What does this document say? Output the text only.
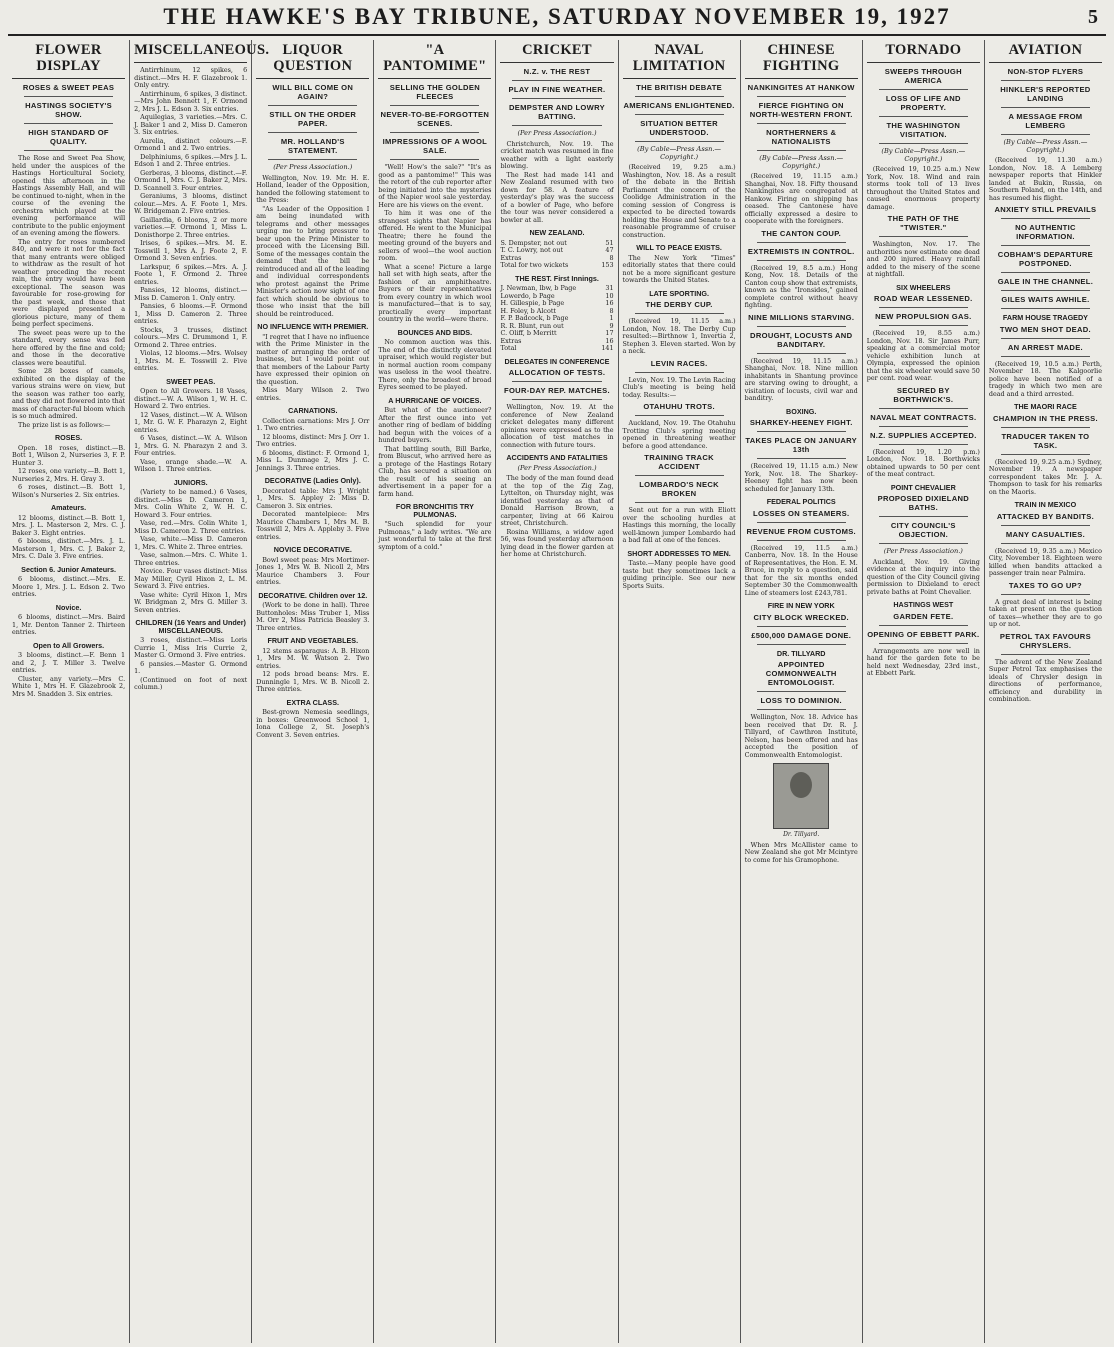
THE HAWKE'S BAY TRIBUNE, SATURDAY NOVEMBER 19, 1927	5
FLOWER DISPLAY
ROSES & SWEET PEAS
HASTINGS SOCIETY'S SHOW.
HIGH STANDARD OF QUALITY.

The Rose and Sweet Pea Show, held under the auspices of the Hastings Horticultural Society, opened this afternoon in the Hastings Assembly Hall, and will be continued to-night, when in the course of the evening the orchestra which played at the evening performance will contribute to the public enjoyment of an evening among the flowers.

The entry for roses numbered 840, and were it not for the fact that many entrants were obliged to withdraw as the result of hot weather preceding the recent rain, the entry would have been exceptional. The season was favourable for rose-growing for the past week, and those that were displayed presented a glorious picture, many of them being perfect specimens.

The sweet peas were up to the standard, every sense was fed here offered by the fine and cold; and those in the decorative classes were beautiful.

Some 28 boxes of camels, exhibited on the display of the various strains were on view, but the season was rather too early, and they did not flowered into that mass of character-ful bloom which is so much admired.

The prize list is as follows:—

ROSES.

Open. 18 roses, distinct.—B. Bott 1, Wilson 2, Nurseries 3, F. P. Hunter 3.

12 roses, one variety.—B. Bott 1, Nurseries 2, Mrs. H. Gray 3.

6 roses, distinct.—B. Bott 1, Wilson's Nurseries 2. Six entries.

Amateurs.

12 blooms, distinct.—B. Bott 1, Mrs. J. L. Masterson 2, Mrs. C. J. Baker 3. Eight entries.

6 blooms, distinct.—Mrs. J. L. Masterson 1, Mrs. C. J. Baker 2, Mrs. C. Dale 3. Five entries.

Section 6. Junior Amateurs.

6 blooms, distinct.—Mrs. E. Moore 1, Mrs. J. L. Edson 2. Two entries.

Novice.

6 blooms, distinct.—Mrs. Baird 1, Mr. Denton Tanner 2. Thirteen entries.

Open to All Growers.

3 blooms, distinct.—F. Benn 1 and 2, J. T. Miller 3. Twelve entries.

Cluster, any variety.—Mrs C. White 1, Mrs H. F. Glazebrook 2, Mrs M. Snadden 3. Six entries.

MISCELLANEOUS.

Antirrhinum, 12 spikes, 6 distinct.—Mrs H. F. Glazebrook 1. Only entry.

Antirrhinum, 6 spikes, 3 distinct.—Mrs John Bennett 1, F. Ormond 2, Mrs J. L. Edson 3. Six entries.

Aquilegias, 3 varieties.—Mrs. C. J. Baker 1 and 2, Miss D. Cameron 3. Six entries.

Aurelia, distinct colours.—F. Ormond 1 and 2. Two entries.

Delphiniums, 6 spikes.—Mrs J. L. Edson 1 and 2. Three entries.

Gerberas, 3 blooms, distinct.—F. Ormond 1, Mrs. C. J. Baker 2, Mrs. D. Scannell 3. Four entries.

Geraniums, 3 blooms, distinct colour.—Mrs. A. F. Foote 1, Mrs. W. Bridgeman 2. Five entries.

Gaillardia, 6 blooms, 2 or more varieties.—F. Ormond 1, Miss L. Donisthorpe 2. Three entries.

Irises, 6 spikes.—Mrs. M. E. Tosswill 1, Mrs A. J. Foote 2, F. Ormond 3. Seven entries.

Larkspur, 6 spikes.—Mrs. A. J. Foote 1, F. Ormond 2. Three entries.

Pansies, 12 blooms, distinct.—Miss D. Cameron 1. Only entry.

Pansies, 6 blooms.—F. Ormond 1, Miss D. Cameron 2. Three entries.

Stocks, 3 trusses, distinct colours.—Mrs C. Drummond 1, F. Ormond 2. Three entries.

Violas, 12 blooms.—Mrs. Wolsey 1, Mrs. M. E. Tosswill 2. Five entries.

SWEET PEAS.

Open to All Growers. 18 Vases, distinct.—W. A. Wilson 1, W. H. C. Howard 2. Two entries.

12 Vases, distinct.—W. A. Wilson 1, Mr. G. W. F. Pharazyn 2, Eight entries.

6 Vases, distinct.—W. A. Wilson 1, Mrs. G. N. Pharazyn 2 and 3. Four entries.

Vase, orange shade.—W. A. Wilson 1. Three entries.

JUNIORS.

(Variety to be named.) 6 Vases, distinct.—Miss D. Cameron 1, Mrs. Colin White 2, W. H. C. Howard 3. Four entries.

Vase, red.—Mrs. Colin White 1, Miss D. Cameron 2. Three entries.

Vase, white.—Miss D. Cameron 1, Mrs. C. White 2. Three entries.

Vase, salmon.—Mrs. C. White 1. Three entries.

Novice. Four vases distinct: Miss May Miller, Cyril Hixon 2, L. M. Seward 3. Five entries.

Vase white: Cyril Hixon 1, Mrs W. Bridgman 2, Mrs G. Miller 3. Seven entries.

CHILDREN (16 Years and Under) MISCELLANEOUS.

3 roses, distinct.—Miss Loris Currie 1, Miss Iris Currie 2, Master G. Ormond 3. Five entries.

6 pansies.—Master G. Ormond 1.

(Continued on foot of next column.)

LIQUOR QUESTION
WILL BILL COME ON AGAIN?
STILL ON THE ORDER PAPER.
MR. HOLLAND'S STATEMENT.
(Per Press Association.)

Wellington, Nov. 19. Mr. H. E. Holland, leader of the Opposition, handed the following statement to the Press:

"As Leader of the Opposition I am being inundated with telegrams and other messages urging me to bring pressure to bear upon the Prime Minister to proceed with the Licensing Bill. Some of the messages contain the demand that the bill be reintroduced and all of the leading and individual correspondents who protest against the Prime Minister's action now sight of one fact which should be obvious to those who insist that the bill should be reintroduced.

NO INFLUENCE WITH PREMIER.

"I regret that I have no influence with the Prime Minister in the matter of arranging the order of business, but I would point out that members of the Labour Party have expressed their opinion on the question.

Miss Mary Wilson 2. Two entries.

CARNATIONS.

Collection carnations: Mrs J. Orr 1. Two entries.

12 blooms, distinct: Mrs J. Orr 1. Two entries.

6 blooms, distinct: F. Ormond 1, Miss L. Dunmage 2, Mrs J. C. Jennings 3. Three entries.

DECORATIVE (Ladies Only).

Decorated table: Mrs J. Wright 1, Mrs. S. Appley 2: Miss D. Cameron 3. Six entries.

Decorated mantelpiece: Mrs Maurice Chambers 1, Mrs M. B. Tosswill 2, Mrs A. Appleby 3. Five entries.

NOVICE DECORATIVE.

Bowl sweet peas: Mrs Mortimer-Jones 1, Mrs W. B. Nicoll 2, Mrs Maurice Chambers 3. Four entries.

DECORATIVE. Children over 12.

(Work to be done in hall). Three Buttonholes: Miss Truber 1, Miss M. Orr 2, Miss Patricia Beasley 3. Three entries.

FRUIT AND VEGETABLES.

12 stems asparagus: A. B. Hixon 1, Mrs M. W. Watson 2. Two entries.

12 pods broad beans: Mrs. E. Dunningle 1, Mrs. W. B. Nicoll 2. Three entries.

EXTRA CLASS.

Best-grown Nemesia seedlings, in boxes: Greenwood School 1, Iona College 2, St. Joseph's Convent 3. Seven entries.

"A PANTOMIME"
SELLING THE GOLDEN FLEECES
NEVER-TO-BE-FORGOTTEN SCENES.
IMPRESSIONS OF A WOOL SALE.

"Well! How's the sale?" "It's as good as a pantomime!" This was the retort of the cub reporter after being initiated into the mysteries of the Napier wool sale yesterday. Here are his views on the event.

To him it was one of the strangest sights that Napier has offered. He went to the Municipal Theatre; there he found the meeting ground of the buyers and sellers of wool—the wool auction room.

What a scene! Picture a large hall set with high seats, after the fashion of an amphitheatre. Buyers or their representatives from every country in which wool is manufactured—that is to say, practically every important country in the world—were there.

BOUNCES AND BIDS.

No common auction was this. The end of the distinctly elevated upraiser, which would register but in normal auction room company was useless in the wool theatre. There, only the broadest of broad Eyres seemed to be played.

A HURRICANE OF VOICES.

But what of the auctioneer? After the first ounce into yet another ring of bedlam of bidding had begun with the voices of a hundred buyers.

That battling south, Bill Barke, from Bluscut, who arrived here as a protege of the Hastings Rotary Club, has secured a situation on the result of his seeing an advertisement in a paper for a farm hand.

FOR BRONCHITIS TRY PULMONAS.

"Such splendid for your Pulmonas," a lady writes. "We are just wonderful to take at the first symptom of a cold."

CRICKET
N.Z. v. THE REST
PLAY IN FINE WEATHER.
DEMPSTER AND LOWRY BATTING.
(Per Press Association.)

Christchurch, Nov. 19. The cricket match was resumed in fine weather with a light easterly blowing.

The Rest had made 141 and New Zealand resumed with two down for 58. A feature of yesterday's play was the success of a bowler of Page, who before the tour was never considered a bowler at all.

NEW ZEALAND.
S. Dempster, not out	51
T. C. Lowry, not out	47
Extras	8
Total for two wickets	153
THE REST. First Innings.
J. Newman, lbw, b Page	31
Lowerdo, b Page	10
H. Gillespie, b Page	16
H. Foley, b Alcott	8
F. P. Badcock, b Page	1
R. R. Blunt, run out	9
C. Oliff, b Merritt	17
Extras	16
Total	141
DELEGATES IN CONFERENCE
ALLOCATION OF TESTS.
FOUR-DAY REP. MATCHES.

Wellington, Nov. 19. At the conference of New Zealand cricket delegates many different opinions were expressed as to the allocation of test matches in connection with future tours.

ACCIDENTS AND FATALITIES
(Per Press Association.)

The body of the man found dead at the top of the Zig Zag, Lyttelton, on Thursday night, was identified yesterday as that of Donald Harrison Brown, a carpenter, living at 66 Kairou street, Christchurch.

Rosina Williams, a widow aged 56, was found yesterday afternoon lying dead in the flower garden at her home at Christchurch.

NAVAL LIMITATION
THE BRITISH DEBATE
AMERICANS ENLIGHTENED.
SITUATION BETTER UNDERSTOOD.
(By Cable—Press Assn.—Copyright.)

(Received 19, 9.25 a.m.) Washington, Nov. 18. As a result of the debate in the British Parliament the concern of the Coolidge Administration in the coming session of Congress is expected to be directed towards holding the House and Senate to a reasonable programme of cruiser construction.

WILL TO PEACE EXISTS.

The New York "Times" editorially states that there could not be a more significant gesture towards the United States.

LATE SPORTING.
THE DERBY CUP.

(Received 19, 11.15 a.m.) London, Nov. 18. The Derby Cup resulted:—Birthnow 1, Invertia 2, Stephen 3. Eleven started. Won by a neck.

LEVIN RACES.

Levin, Nov. 19. The Levin Racing Club's meeting is being held today. Results:—

OTAHUHU TROTS.

Auckland, Nov. 19. The Otahuhu Trotting Club's spring meeting opened in threatening weather before a good attendance.

TRAINING TRACK ACCIDENT
LOMBARDO'S NECK BROKEN

Sent out for a run with Eliott over the schooling hurdles at Hastings this morning, the locally well-known jumper Lombardo had a bad fall at one of the fences.

SHORT ADDRESSES TO MEN.

Taste.—Many people have good taste but they sometimes lack a guiding principle. See our new Sports Suits.

CHINESE FIGHTING
NANKINGITES AT HANKOW
FIERCE FIGHTING ON NORTH-WESTERN FRONT.
NORTHERNERS & NATIONALISTS
(By Cable—Press Assn.—Copyright.)

(Received 19, 11.15 a.m.) Shanghai, Nov. 18. Fifty thousand Nankingites are congregated at Hankow. Firing on shipping has ceased. The Cantonese have officially expressed a desire to cooperate with the foreigners.

THE CANTON COUP.
EXTREMISTS IN CONTROL.

(Received 19, 8.5 a.m.) Hong Kong, Nov. 18. Details of the Canton coup show that extremists, known as the "Ironsides," gained complete control without heavy fighting.

NINE MILLIONS STARVING.
DROUGHT, LOCUSTS AND BANDITARY.

(Received 19, 11.15 a.m.) Shanghai, Nov. 18. Nine million inhabitants in Shantung province are starving owing to drought, a visitation of locusts, civil war and banditry.

BOXING.
SHARKEY-HEENEY FIGHT.
TAKES PLACE ON JANUARY 13th

(Received 19, 11.15 a.m.) New York, Nov. 18. The Sharkey-Heeney fight has now been scheduled for January 13th.

FEDERAL POLITICS
LOSSES ON STEAMERS.
REVENUE FROM CUSTOMS.

(Received 19, 11.5 a.m.) Canberra, Nov. 18. In the House of Representatives, the Hon. E. M. Bruce, in reply to a question, said that for the six months ended September 30 the Commonwealth Line of steamers lost £243,781.

FIRE IN NEW YORK
CITY BLOCK WRECKED.
£500,000 DAMAGE DONE.
DR. TILLYARD
APPOINTED COMMONWEALTH ENTOMOLOGIST.
LOSS TO DOMINION.

Wellington, Nov. 18. Advice has been received that Dr. R. J. Tillyard, of Cawthron Institute, Nelson, has been offered and has accepted the position of Commonwealth Entomologist.

Dr. Tillyard.

When Mrs McAllister came to New Zealand she got Mr Mcintyre to come for his Gramophone.

TORNADO
SWEEPS THROUGH AMERICA
LOSS OF LIFE AND PROPERTY.
THE WASHINGTON VISITATION.
(By Cable—Press Assn.—Copyright.)

(Received 19, 10.25 a.m.) New York, Nov. 18. Wind and rain storms took toll of 13 lives throughout the United States and caused enormous property damage.

THE PATH OF THE "TWISTER."

Washington, Nov. 17. The authorities now estimate one dead and 200 injured. Heavy rainfall added to the misery of the scene at nightfall.

SIX WHEELERS
ROAD WEAR LESSENED.
NEW PROPULSION GAS.

(Received 19, 8.55 a.m.) London, Nov. 18. Sir James Purr, speaking at a commercial motor vehicle exhibition lunch at Olympia, expressed the opinion that the six wheeler would save 50 per cent. road wear.

SECURED BY BORTHWICK'S.
NAVAL MEAT CONTRACTS.
N.Z. SUPPLIES ACCEPTED.

(Received 19, 1.20 p.m.) London, Nov. 18. Borthwicks obtained upwards to 50 per cent of the meat contract.

POINT CHEVALIER
PROPOSED DIXIELAND BATHS.
CITY COUNCIL'S OBJECTION.
(Per Press Association.)

Auckland, Nov. 19. Giving evidence at the inquiry into the question of the City Council giving permission to Dixieland to erect private baths at Point Chevalier.

HASTINGS WEST
GARDEN FETE.
OPENING OF EBBETT PARK.

Arrangements are now well in hand for the garden fete to be held next Wednesday, 23rd inst., at Ebbett Park.

AVIATION
NON-STOP FLYERS
HINKLER'S REPORTED LANDING
A MESSAGE FROM LEMBERG
(By Cable—Press Assn.—Copyright.)

(Received 19, 11.30 a.m.) London, Nov. 18. A Lemberg newspaper reports that Hinkler landed at Bukin, Russia, on Southern Poland, on the 14th, and has resumed his flight.

ANXIETY STILL PREVAILS
NO AUTHENTIC INFORMATION.
COBHAM'S DEPARTURE POSTPONED.
GALE IN THE CHANNEL.
GILES WAITS AWHILE.
FARM HOUSE TRAGEDY
TWO MEN SHOT DEAD.
AN ARREST MADE.

(Received 19, 10.5 a.m.) Perth, November 18. The Kalgoorlie police have been notified of a tragedy in which two men are dead and a third arrested.

THE MAORI RACE
CHAMPION IN THE PRESS.
TRADUCER TAKEN TO TASK.

(Received 19, 9.25 a.m.) Sydney, November 19. A newspaper correspondent takes Mr. J. A. Thompson to task for his remarks on the Maoris.

TRAIN IN MEXICO
ATTACKED BY BANDITS.
MANY CASUALTIES.

(Received 19, 9.35 a.m.) Mexico City, November 18. Eighteen were killed when bandits attacked a passenger train near Palmira.

TAXES TO GO UP?

A great deal of interest is being taken at present on the question of taxes—whether they are to go up or not.

PETROL TAX FAVOURS CHRYSLERS.

The advent of the New Zealand Super Petrol Tax emphasises the ideals of Chrysler design in directions of performance, efficiency and durability in combination.
